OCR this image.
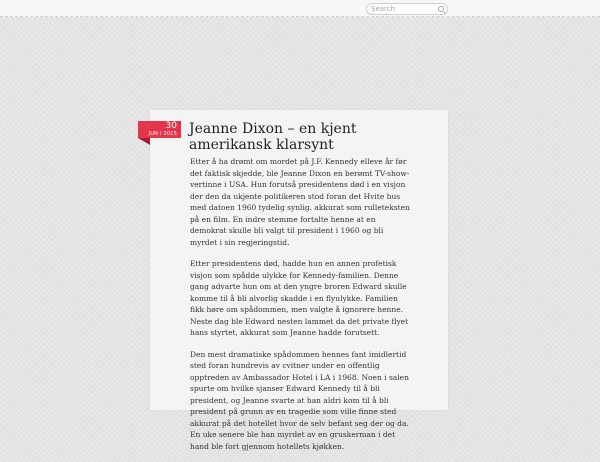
Search
30
JUN / 2015 Jeanne Dixon – en kjent amerikansk klarsynt

Etter å ha drømt om mordet på J.F. Kennedy elleve år før det faktisk skjedde, ble Jeanne Dixon en berømt TV-show-vertinne i USA. Hun forutså presidentens død i en visjon der den da ukjente politikeren stod foran det Hvite hus med datoen 1960 tydelig synlig. akkurat som rulleteksten på en film. En indre stemme fortalte henne at en demokrat skulle bli valgt til president i 1960 og bli myrdet i sin regjeringstid.

Etter presidentens død, hadde hun en annen profetisk visjon som spådde ulykke for Kennedy-familien. Denne gang advarte hun om at den yngre broren Edward skulle komme til å bli alvorlig skadde i en flyulykke. Familien fikk høre om spådommen, men valgte å ignorere henne. Neste dag ble Edward nesten lammet da det private flyet hans styrtet, akkurat som Jeanne hadde forutsett.

Den mest dramatiske spådommen hennes fant imidlertid sted foran hundrevis av cvitner under en offentlig opptreden av Ambassador Hotel i LA i 1968. Noen i salen spurte om hvilke sjanser Edward Kennedy til å bli president, og Jeanne svarte at han aldri kom til å bli president på grunn av en tragedie som ville finne sted akkurat på det hotellet hvor de selv befant seg der og da. En uke senere ble han myrdet av en gruskerman i det hand ble fort gjennom hotellets kjøkken.
